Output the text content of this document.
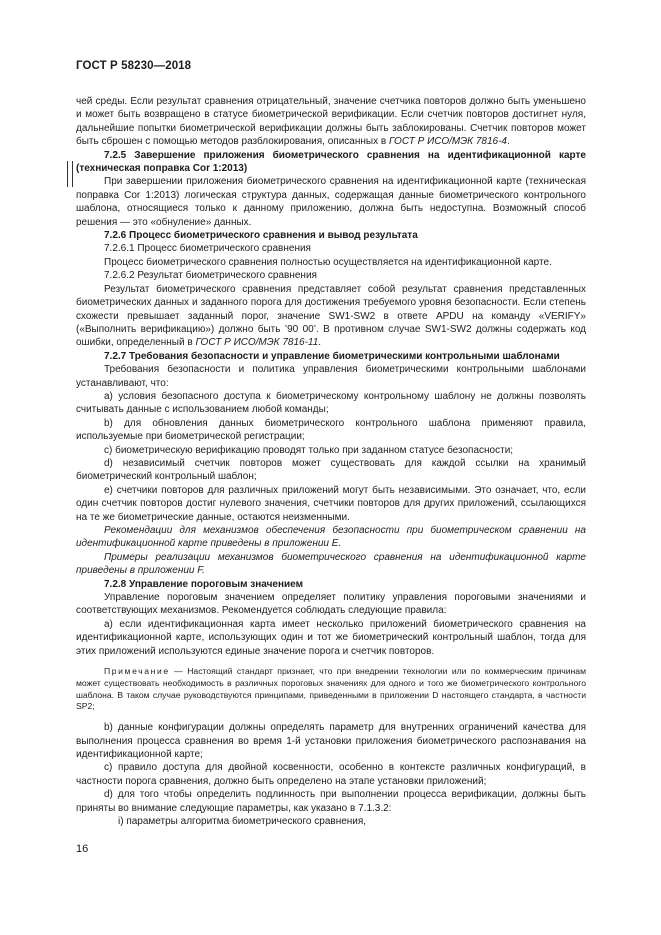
ГОСТ Р 58230—2018

чей среды. Если результат сравнения отрицательный, значение счетчика повторов должно быть уменьшено и может быть возвращено в статусе биометрической верификации. Если счетчик повторов достигнет нуля, дальнейшие попытки биометрической верификации должны быть заблокированы. Счетчик повторов может быть сброшен с помощью методов разблокирования, описанных в ГОСТ Р ИСО/МЭК 7816-4.

7.2.5 Завершение приложения биометрического сравнения на идентификационной карте (техническая поправка Cor 1:2013)

При завершении приложения биометрического сравнения на идентификационной карте (техническая поправка Cor 1:2013) логическая структура данных, содержащая данные биометрического контрольного шаблона, относящиеся только к данному приложению, должна быть недоступна. Возможный способ решения — это «обнуление» данных.

7.2.6 Процесс биометрического сравнения и вывод результата

7.2.6.1 Процесс биометрического сравнения

Процесс биометрического сравнения полностью осуществляется на идентификационной карте.

7.2.6.2 Результат биометрического сравнения

Результат биометрического сравнения представляет собой результат сравнения представленных биометрических данных и заданного порога для достижения требуемого уровня безопасности. Если степень схожести превышает заданный порог, значение SW1-SW2 в ответе APDU на команду «VERIFY» («Выполнить верификацию») должно быть ’90 00’. В противном случае SW1-SW2 должны содержать код ошибки, определенный в ГОСТ Р ИСО/МЭК 7816-11.

7.2.7 Требования безопасности и управление биометрическими контрольными шаблонами

Требования безопасности и политика управления биометрическими контрольными шаблонами устанавливают, что:

а) условия безопасного доступа к биометрическому контрольному шаблону не должны позволять считывать данные с использованием любой команды;

b) для обновления данных биометрического контрольного шаблона применяют правила, используемые при биометрической регистрации;

c) биометрическую верификацию проводят только при заданном статусе безопасности;

d) независимый счетчик повторов может существовать для каждой ссылки на хранимый биометрический контрольный шаблон;

e) счетчики повторов для различных приложений могут быть независимыми. Это означает, что, если один счетчик повторов достиг нулевого значения, счетчики повторов для других приложений, ссылающихся на те же биометрические данные, остаются неизменными.

Рекомендации для механизмов обеспечения безопасности при биометрическом сравнении на идентификационной карте приведены в приложении Е.

Примеры реализации механизмов биометрического сравнения на идентификационной карте приведены в приложении F.

7.2.8 Управление пороговым значением

Управление пороговым значением определяет политику управления пороговыми значениями и соответствующих механизмов. Рекомендуется соблюдать следующие правила:

а) если идентификационная карта имеет несколько приложений биометрического сравнения на идентификационной карте, использующих один и тот же биометрический контрольный шаблон, тогда для этих приложений используются единые значение порога и счетчик повторов.

Примечание — Настоящий стандарт признает, что при внедрении технологии или по коммерческим причинам может существовать необходимость в различных пороговых значениях для одного и того же биометрического контрольного шаблона. В таком случае руководствуются принципами, приведенными в приложении D настоящего стандарта, в частности SP2;

b) данные конфигурации должны определять параметр для внутренних ограничений качества для выполнения процесса сравнения во время 1-й установки приложения биометрического распознавания на идентификационной карте;

c) правило доступа для двойной косвенности, особенно в контексте различных конфигураций, в частности порога сравнения, должно быть определено на этапе установки приложений;

d) для того чтобы определить подлинность при выполнении процесса верификации, должны быть приняты во внимание следующие параметры, как указано в 7.1.3.2:

i) параметры алгоритма биометрического сравнения,

16
